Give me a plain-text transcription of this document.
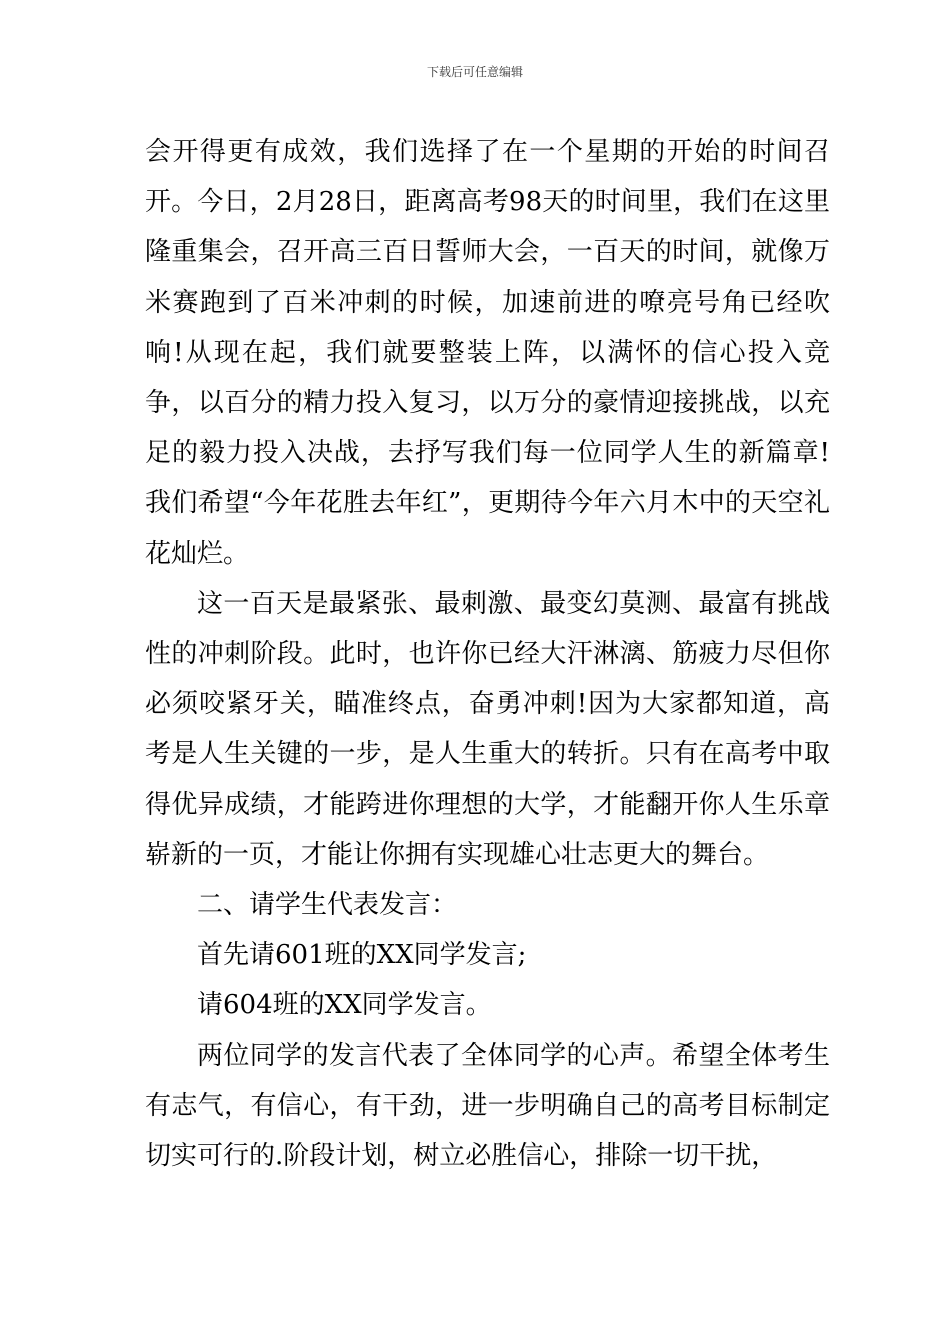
下载后可任意编辑

会开得更有成效，我们选择了在一个星期的开始的时间召开。今日，2月28日，距离高考98天的时间里，我们在这里隆重集会，召开高三百日誓师大会，一百天的时间，就像万米赛跑到了百米冲刺的时候，加速前进的嘹亮号角已经吹响!从现在起，我们就要整装上阵，以满怀的信心投入竞争，以百分的精力投入复习，以万分的豪情迎接挑战，以充足的毅力投入决战，去抒写我们每一位同学人生的新篇章!我们希望“今年花胜去年红”，更期待今年六月木中的天空礼花灿烂。

这一百天是最紧张、最刺激、最变幻莫测、最富有挑战性的冲刺阶段。此时，也许你已经大汗淋漓、筋疲力尽但你必须咬紧牙关，瞄准终点，奋勇冲刺!因为大家都知道，高考是人生关键的一步，是人生重大的转折。只有在高考中取得优异成绩，才能跨进你理想的大学，才能翻开你人生乐章崭新的一页，才能让你拥有实现雄心壮志更大的舞台。

二、请学生代表发言：

首先请601班的XX同学发言;

请604班的XX同学发言。

两位同学的发言代表了全体同学的心声。希望全体考生有志气，有信心，有干劲，进一步明确自己的高考目标制定切实可行的.阶段计划，树立必胜信心，排除一切干扰，
